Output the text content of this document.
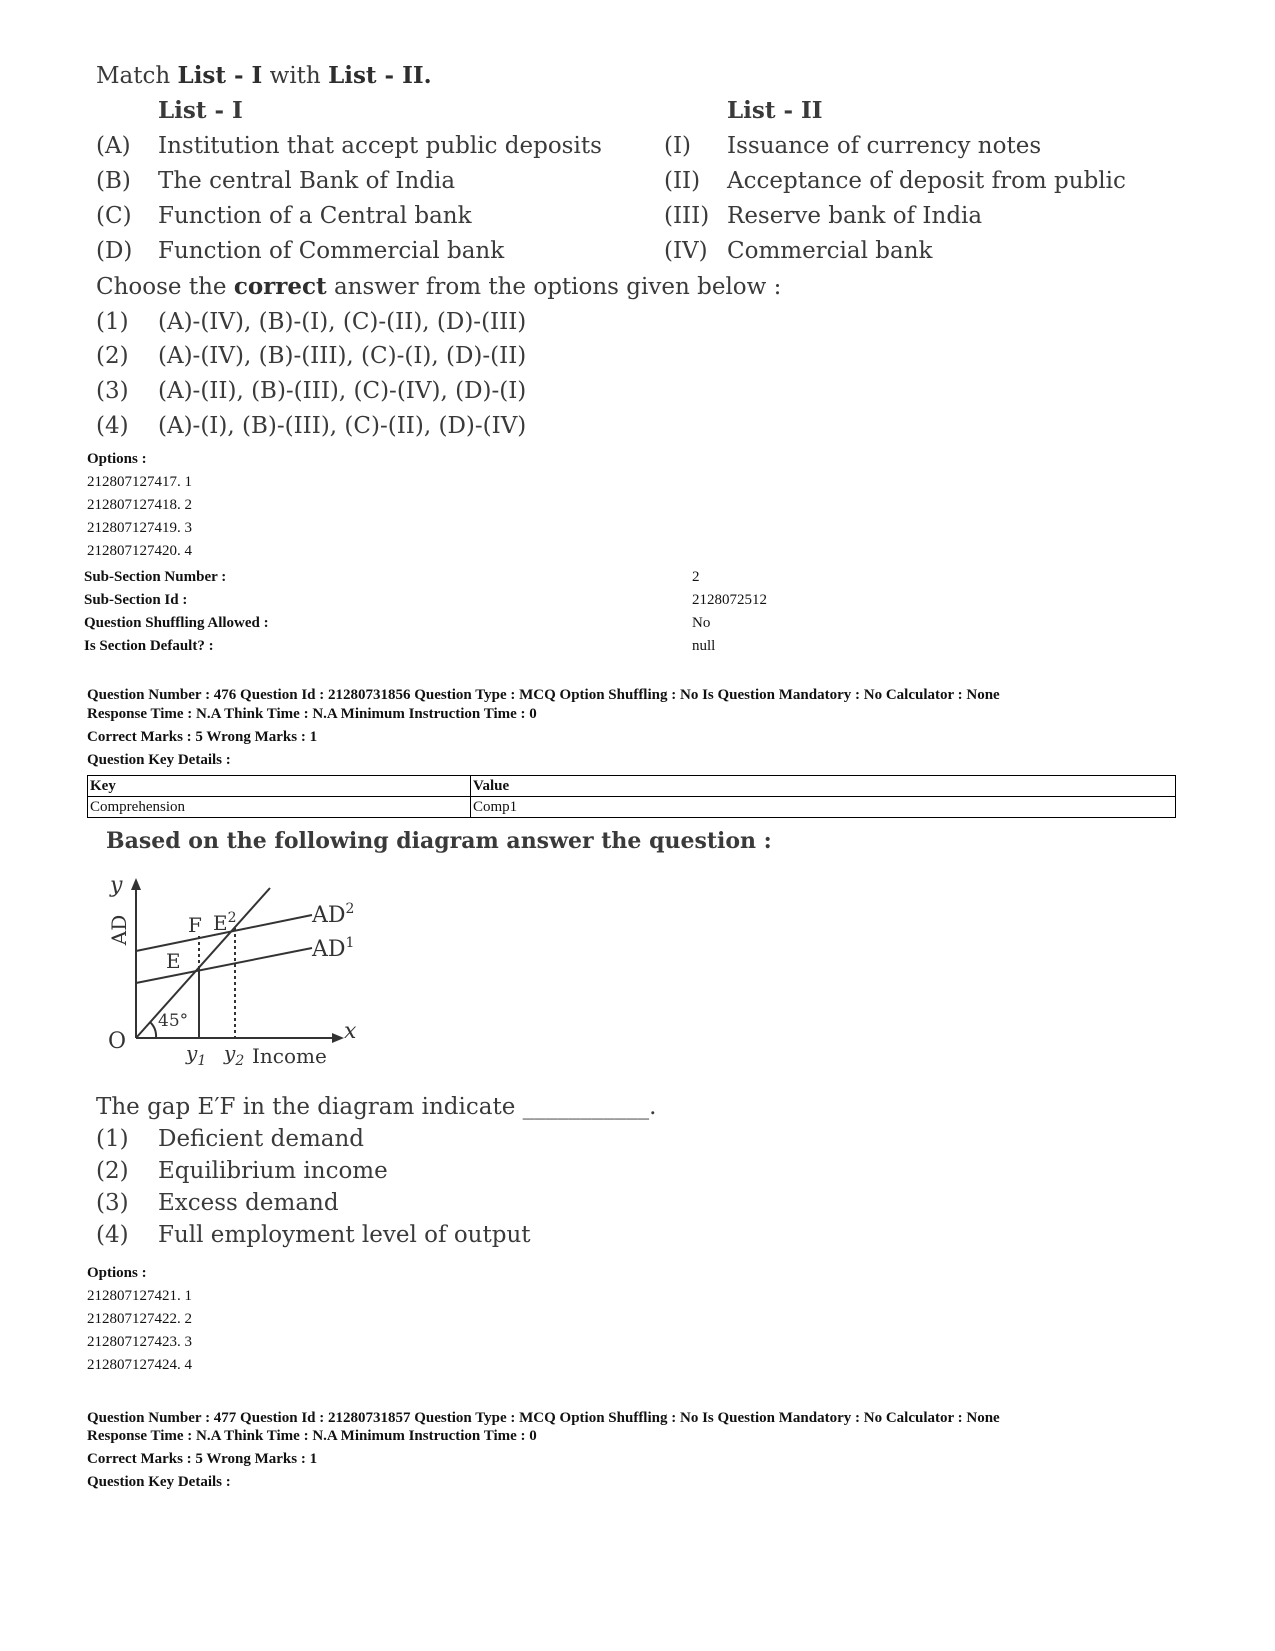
Match List - I with List - II.
List - I	List - II
(A) Institution that accept public deposits	(I) Issuance of currency notes
(B) The central Bank of India	(II) Acceptance of deposit from public
(C) Function of a Central bank	(III) Reserve bank of India
(D) Function of Commercial bank	(IV) Commercial bank
Choose the correct answer from the options given below :
(1) (A)-(IV), (B)-(I), (C)-(II), (D)-(III)
(2) (A)-(IV), (B)-(III), (C)-(I), (D)-(II)
(3) (A)-(II), (B)-(III), (C)-(IV), (D)-(I)
(4) (A)-(I), (B)-(III), (C)-(II), (D)-(IV)
Options :
212807127417. 1
212807127418. 2
212807127419. 3
212807127420. 4
Sub-Section Number :	2
Sub-Section Id :	2128072512
Question Shuffling Allowed :	No
Is Section Default? :	null
Question Number : 476 Question Id : 21280731856 Question Type : MCQ Option Shuffling : No Is Question Mandatory : No Calculator : None
Response Time : N.A Think Time : N.A Minimum Instruction Time : 0
Correct Marks : 5 Wrong Marks : 1
Question Key Details :
Key	Value
Comprehension	Comp1
Based on the following diagram answer the question :
y
x
AD
O
$AD^2$
$AD^1$
F $E^2$
E
45°
$y_1$ $y_2$ Income
The gap E′F in the diagram indicate ___________.
(1) Deficient demand
(2) Equilibrium income
(3) Excess demand
(4) Full employment level of output
Options :
212807127421. 1
212807127422. 2
212807127423. 3
212807127424. 4
Question Number : 477 Question Id : 21280731857 Question Type : MCQ Option Shuffling : No Is Question Mandatory : No Calculator : None
Response Time : N.A Think Time : N.A Minimum Instruction Time : 0
Correct Marks : 5 Wrong Marks : 1
Question Key Details :
